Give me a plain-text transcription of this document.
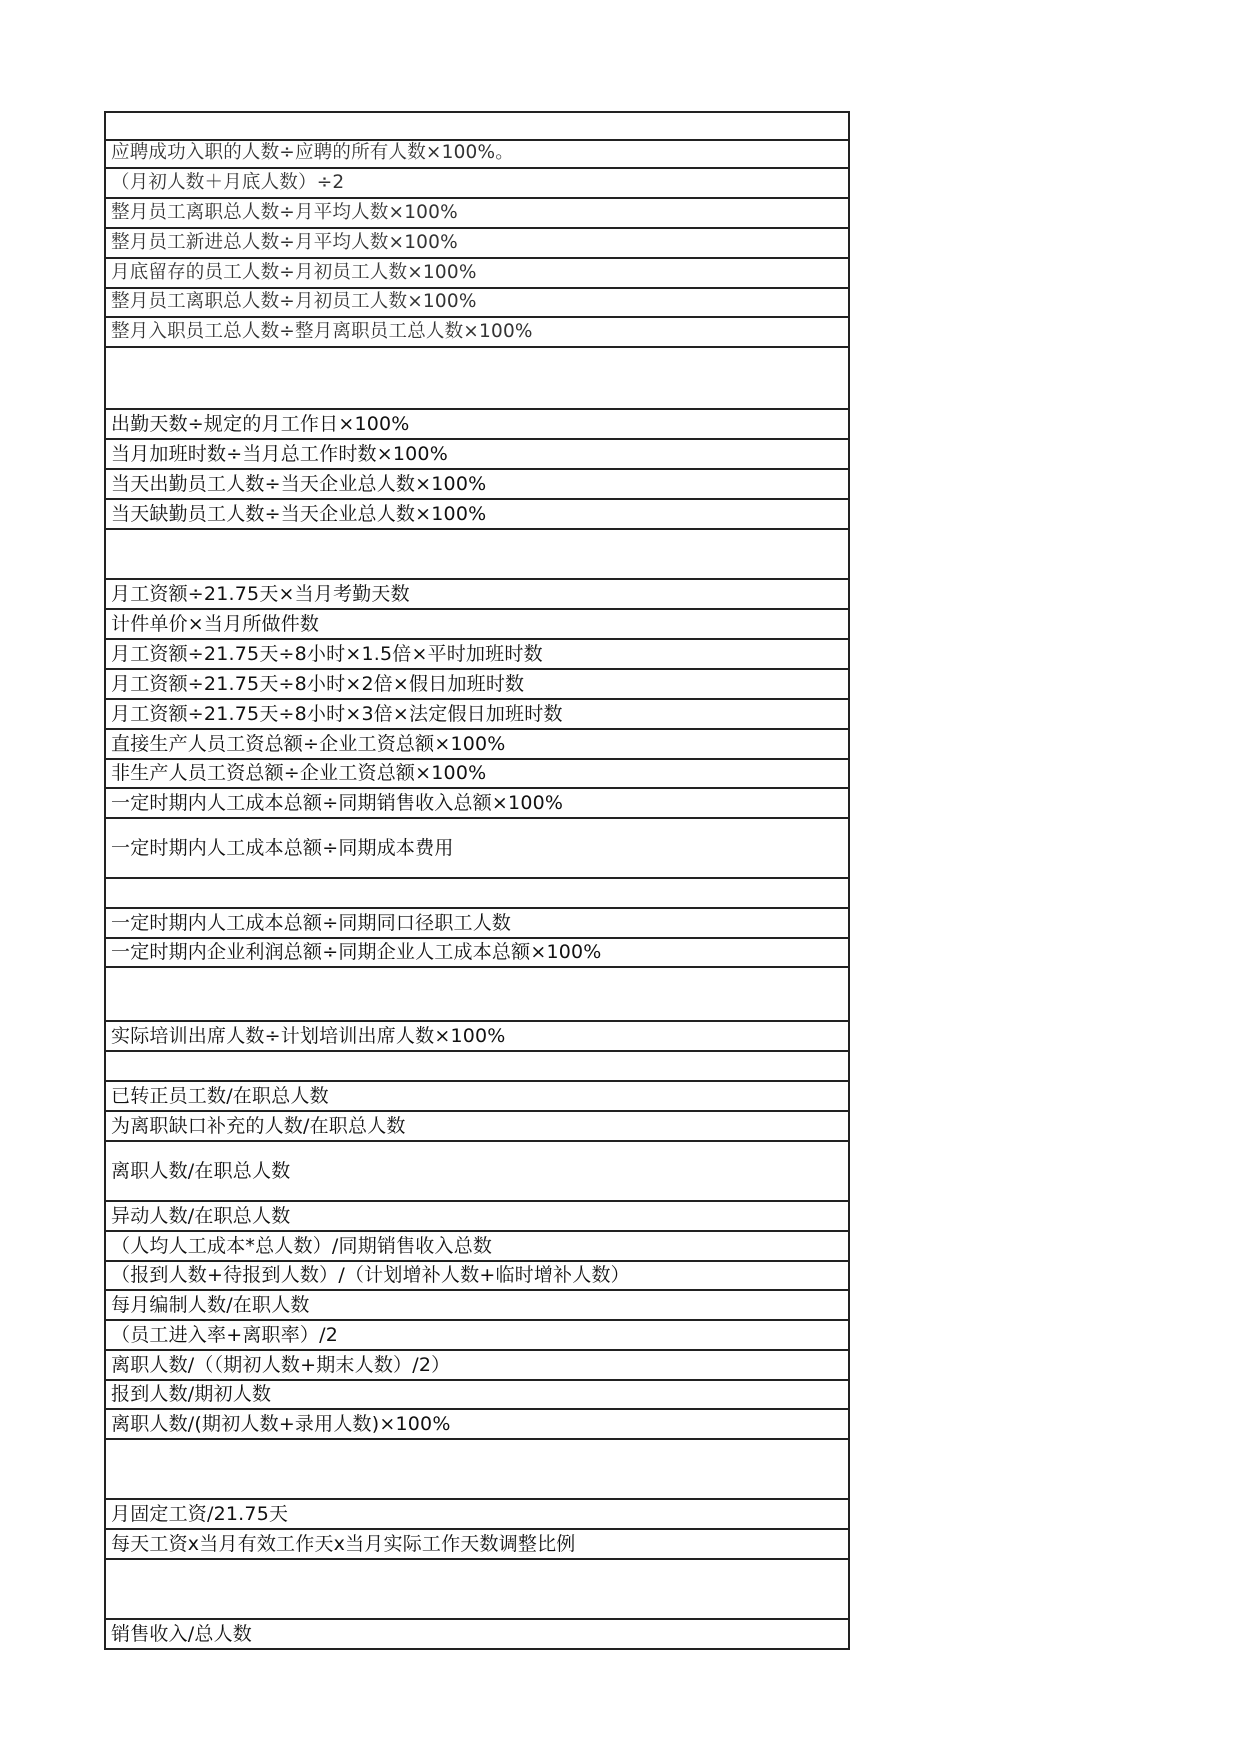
应聘成功入职的人数÷应聘的所有人数×100%。
（月初人数＋月底人数）÷2
整月员工离职总人数÷月平均人数×100%
整月员工新进总人数÷月平均人数×100%
月底留存的员工人数÷月初员工人数×100%
整月员工离职总人数÷月初员工人数×100%
整月入职员工总人数÷整月离职员工总人数×100%
出勤天数÷规定的月工作日×100%
当月加班时数÷当月总工作时数×100%
当天出勤员工人数÷当天企业总人数×100%
当天缺勤员工人数÷当天企业总人数×100%
月工资额÷21.75天×当月考勤天数
计件单价×当月所做件数
月工资额÷21.75天÷8小时×1.5倍×平时加班时数
月工资额÷21.75天÷8小时×2倍×假日加班时数
月工资额÷21.75天÷8小时×3倍×法定假日加班时数
直接生产人员工资总额÷企业工资总额×100%
非生产人员工资总额÷企业工资总额×100%
一定时期内人工成本总额÷同期销售收入总额×100%
一定时期内人工成本总额÷同期成本费用
一定时期内人工成本总额÷同期同口径职工人数
一定时期内企业利润总额÷同期企业人工成本总额×100%
实际培训出席人数÷计划培训出席人数×100%
已转正员工数/在职总人数
为离职缺口补充的人数/在职总人数
离职人数/在职总人数
异动人数/在职总人数
（人均人工成本*总人数）/同期销售收入总数
（报到人数+待报到人数）/（计划增补人数+临时增补人数）
每月编制人数/在职人数
（员工进入率+离职率）/2
离职人数/（（期初人数+期末人数）/2）
报到人数/期初人数
离职人数/(期初人数+录用人数)×100%
月固定工资/21.75天
每天工资x当月有效工作天x当月实际工作天数调整比例
销售收入/总人数
